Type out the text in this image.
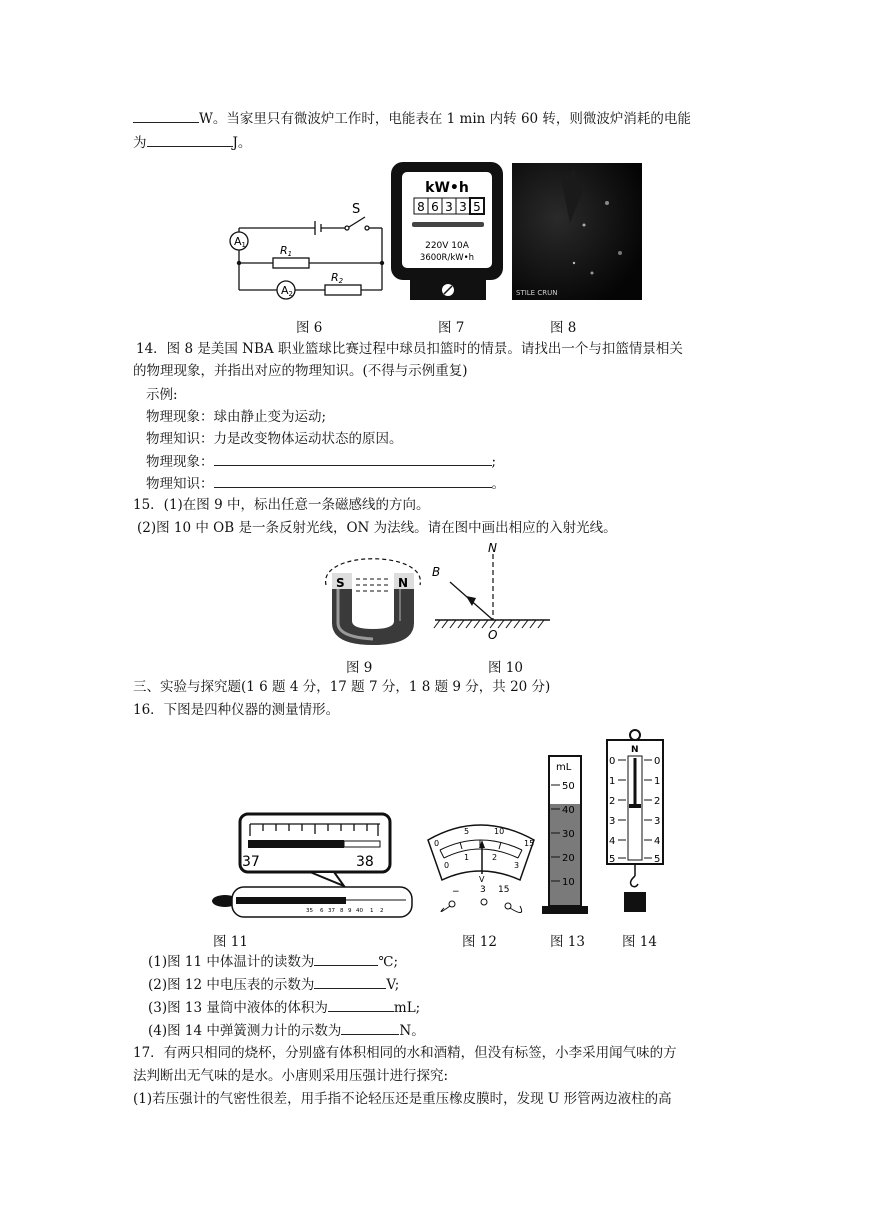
W。当家里只有微波炉工作时，电能表在 1 min 内转 60 转，则微波炉消耗的电能
为	J。
S
A1
A2
R1
R2
kW•h
8 6 3 3 5
220V 10A
3600R/kW•h
STILE CRUN
图 6	图 7	图 8
14．图 8 是美国 NBA 职业篮球比赛过程中球员扣篮时的情景。请找出一个与扣篮情景相关
的物理现象，并指出对应的物理知识。(不得与示例重复)
示例:
物理现象：球由静止变为运动;
物理知识：力是改变物体运动状态的原因。
物理现象：	;
物理知识：	。
15．(1)在图 9 中，标出任意一条磁感线的方向。
(2)图 10 中 OB 是一条反射光线，ON 为法线。请在图中画出相应的入射光线。
S	N
N
B
O
图 9	图 10
三、实验与探究题(1 6 题 4 分，17 题 7 分，1 8 题 9 分，共 20 分)
16．下图是四种仪器的测量情形。
37	38
35 6 37 8 9 40 1 2
0
5	10
15
0
1	2
3
V
− 3 15
mL
50
40
30
20
10
N
0	0
1	1
2	2
3	3
4	4
5	5
图 11	图 12	图 13	图 14
(1)图 11 中体温计的读数为	℃;
(2)图 12 中电压表的示数为	V;
(3)图 13 量筒中液体的体积为	mL;
(4)图 14 中弹簧测力计的示数为	N。
17．有两只相同的烧杯，分别盛有体积相同的水和酒精，但没有标签，小李采用闻气味的方
法判断出无气味的是水。小唐则采用压强计进行探究:
(1)若压强计的气密性很差，用手指不论轻压还是重压橡皮膜时，发现 U 形管两边液柱的高
